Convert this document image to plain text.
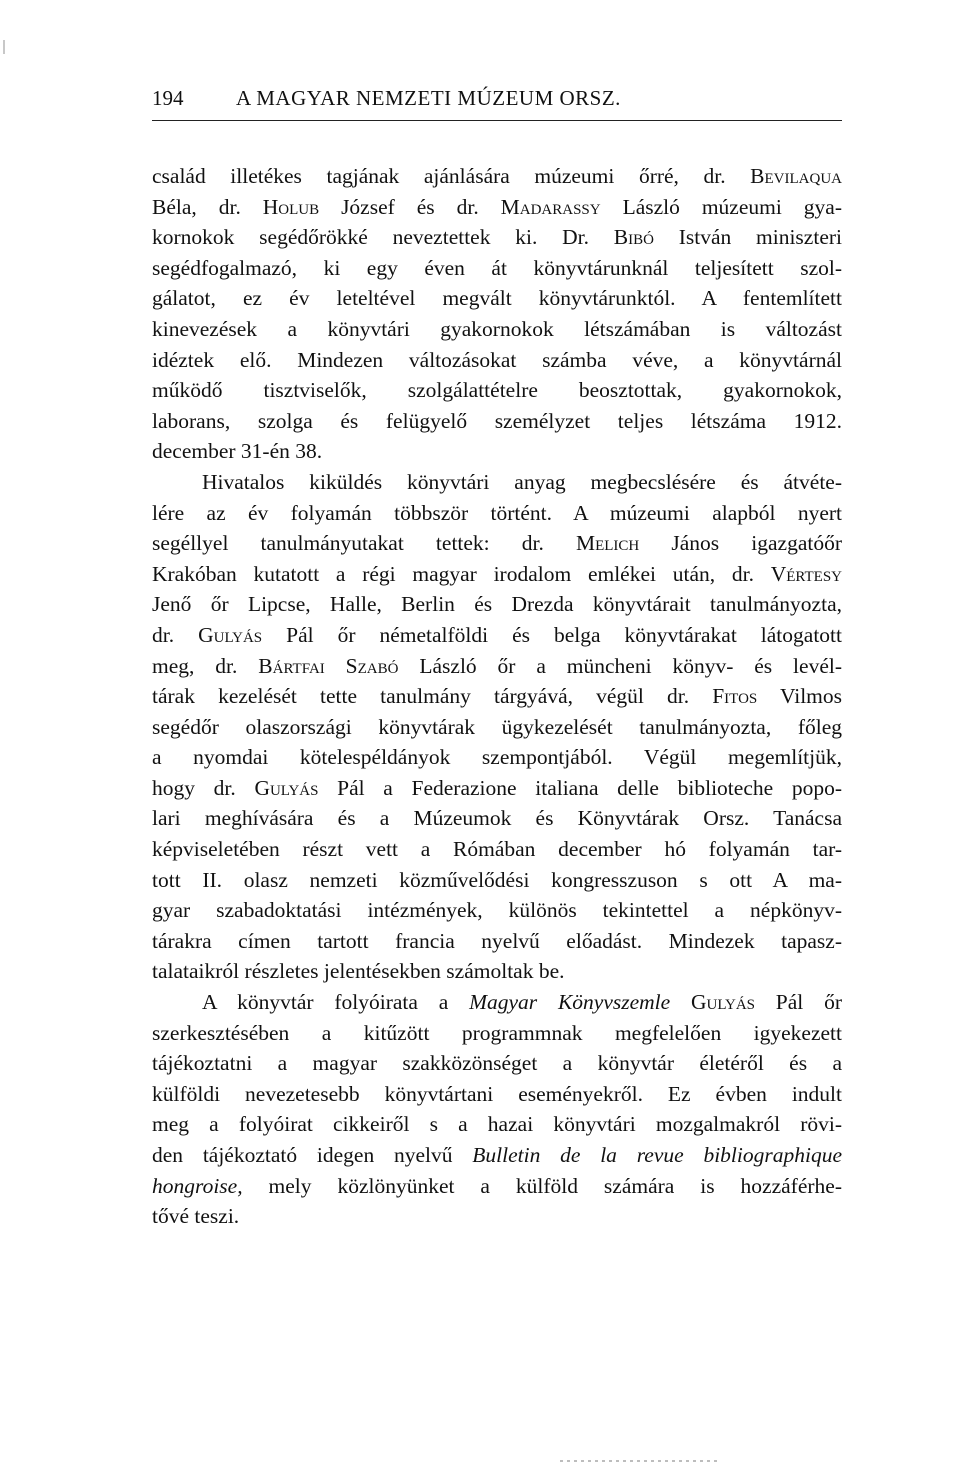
194	A MAGYAR NEMZETI MÚZEUM ORSZ.
család illetékes tagjának ajánlására múzeumi őrré, dr. Bevilaqua
Béla, dr. Holub József és dr. Madarassy László múzeumi gya-
kornokok segédőrökké neveztettek ki. Dr. Bibó István miniszteri
segédfogalmazó, ki egy éven át könyvtárunknál teljesített szol-
gálatot, ez év leteltével megvált könyvtárunktól. A fentemlített
kinevezések a könyvtári gyakornokok létszámában is változást
idéztek elő. Mindezen változásokat számba véve, a könyvtárnál
működő tisztviselők, szolgálattételre beosztottak, gyakornokok,
laborans, szolga és felügyelő személyzet teljes létszáma 1912.
december 31-én 38.
Hivatalos kiküldés könyvtári anyag megbecslésére és átvéte-
lére az év folyamán többször történt. A múzeumi alapból nyert
segéllyel tanulmányutakat tettek: dr. Melich János igazgatóőr
Krakóban kutatott a régi magyar irodalom emlékei után, dr. Vértesy
Jenő őr Lipcse, Halle, Berlin és Drezda könyvtárait tanulmányozta,
dr. Gulyás Pál őr németalföldi és belga könyvtárakat látogatott
meg, dr. Bártfai Szabó László őr a müncheni könyv- és levél-
tárak kezelését tette tanulmány tárgyává, végül dr. Fitos Vilmos
segédőr olaszországi könyvtárak ügykezelését tanulmányozta, főleg
a nyomdai kötelespéldányok szempontjából. Végül megemlítjük,
hogy dr. Gulyás Pál a Federazione italiana delle biblioteche popo-
lari meghívására és a Múzeumok és Könyvtárak Orsz. Tanácsa
képviseletében részt vett a Rómában december hó folyamán tar-
tott II. olasz nemzeti közművelődési kongresszuson s ott A ma-
gyar szabadoktatási intézmények, különös tekintettel a népkönyv-
tárakra címen tartott francia nyelvű előadást. Mindezek tapasz-
talataikról részletes jelentésekben számoltak be.
A könyvtár folyóirata a Magyar Könyvszemle Gulyás Pál őr
szerkesztésében a kitűzött programmnak megfelelően igyekezett
tájékoztatni a magyar szakközönséget a könyvtár életéről és a
külföldi nevezetesebb könyvtártani eseményekről. Ez évben indult
meg a folyóirat cikkeiről s a hazai könyvtári mozgalmakról rövi-
den tájékoztató idegen nyelvű Bulletin de la revue bibliographique
hongroise, mely közlönyünket a külföld számára is hozzáférhe-
tővé teszi.
